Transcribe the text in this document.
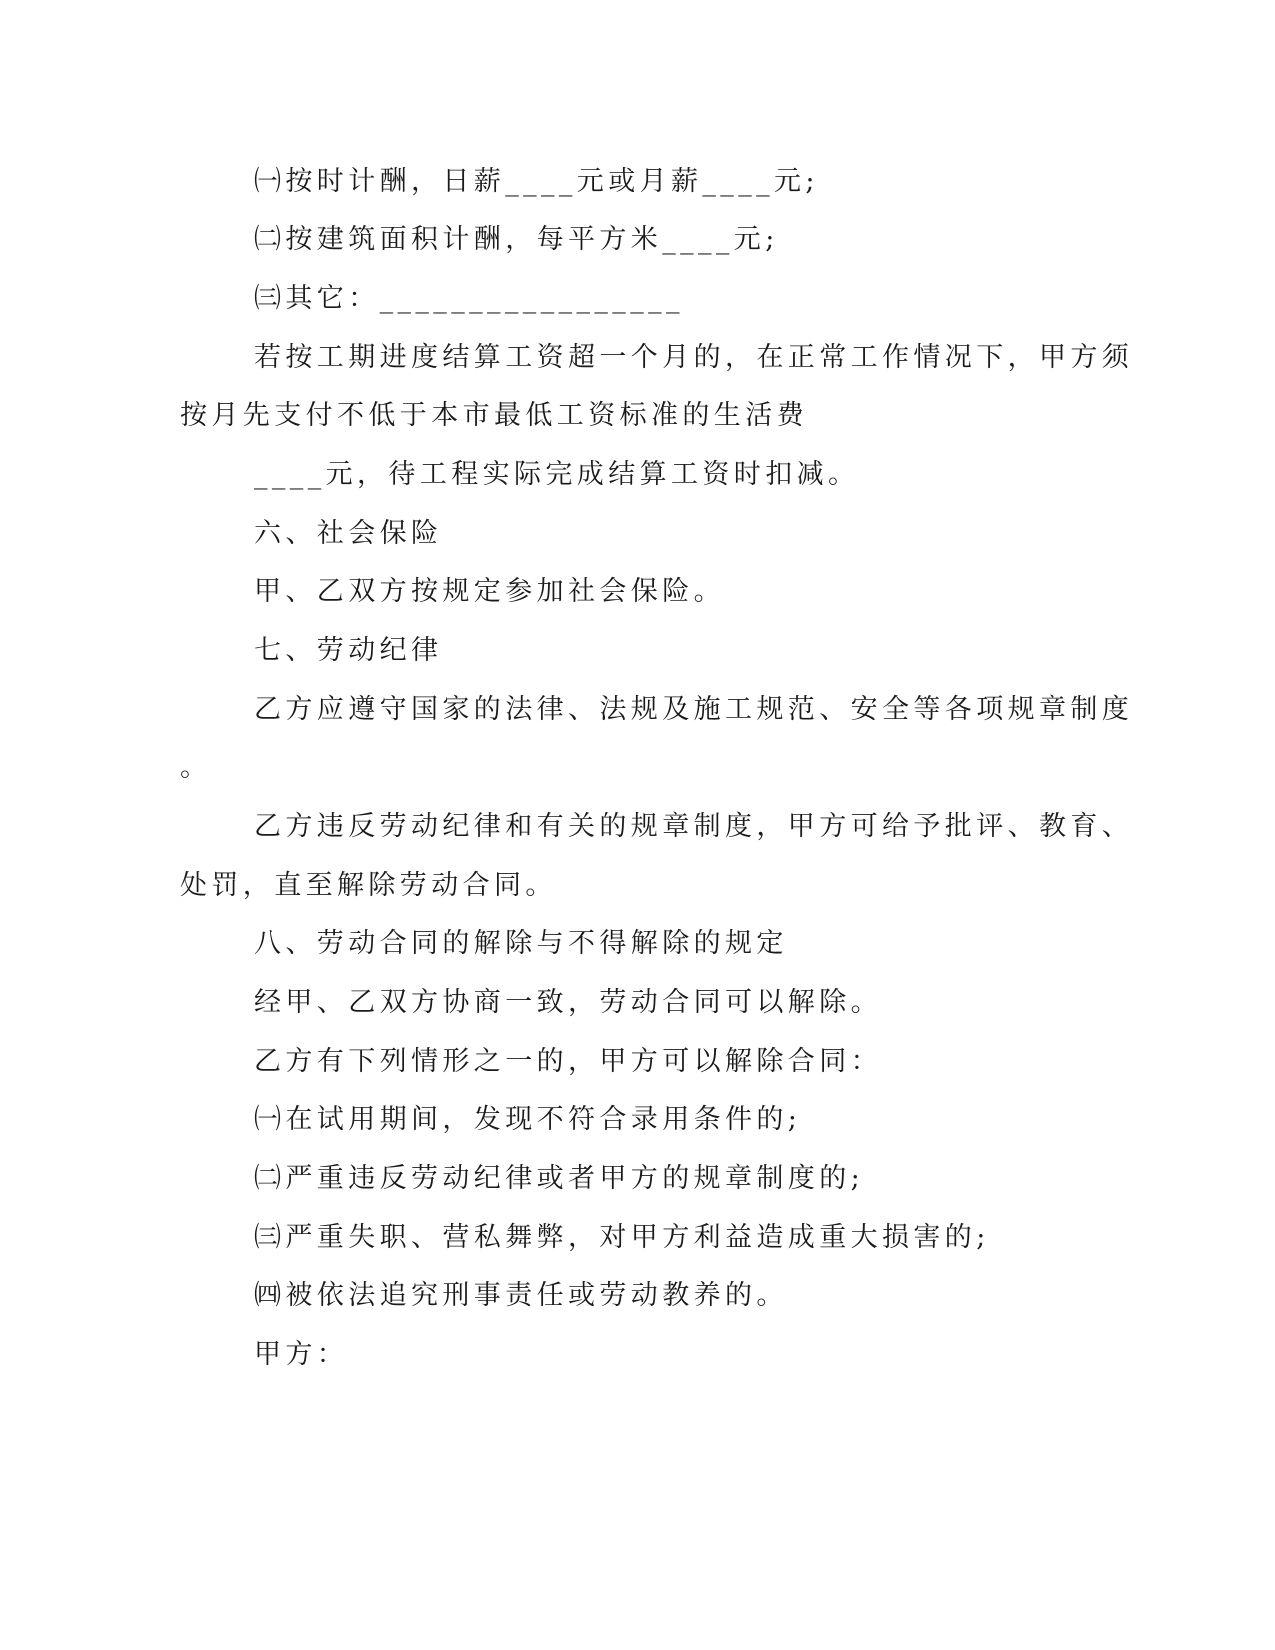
㈠按时计酬，日薪____元或月薪____元;
㈡按建筑面积计酬，每平方米____元;
㈢其它：_________________
若按工期进度结算工资超一个月的，在正常工作情况下，甲方须
按月先支付不低于本市最低工资标准的生活费
____元，待工程实际完成结算工资时扣减。
六、社会保险
甲、乙双方按规定参加社会保险。
七、劳动纪律
乙方应遵守国家的法律、法规及施工规范、安全等各项规章制度
。
乙方违反劳动纪律和有关的规章制度，甲方可给予批评、教育、
处罚，直至解除劳动合同。
八、劳动合同的解除与不得解除的规定
经甲、乙双方协商一致，劳动合同可以解除。
乙方有下列情形之一的，甲方可以解除合同：
㈠在试用期间，发现不符合录用条件的;
㈡严重违反劳动纪律或者甲方的规章制度的;
㈢严重失职、营私舞弊，对甲方利益造成重大损害的;
㈣被依法追究刑事责任或劳动教养的。
甲方：
